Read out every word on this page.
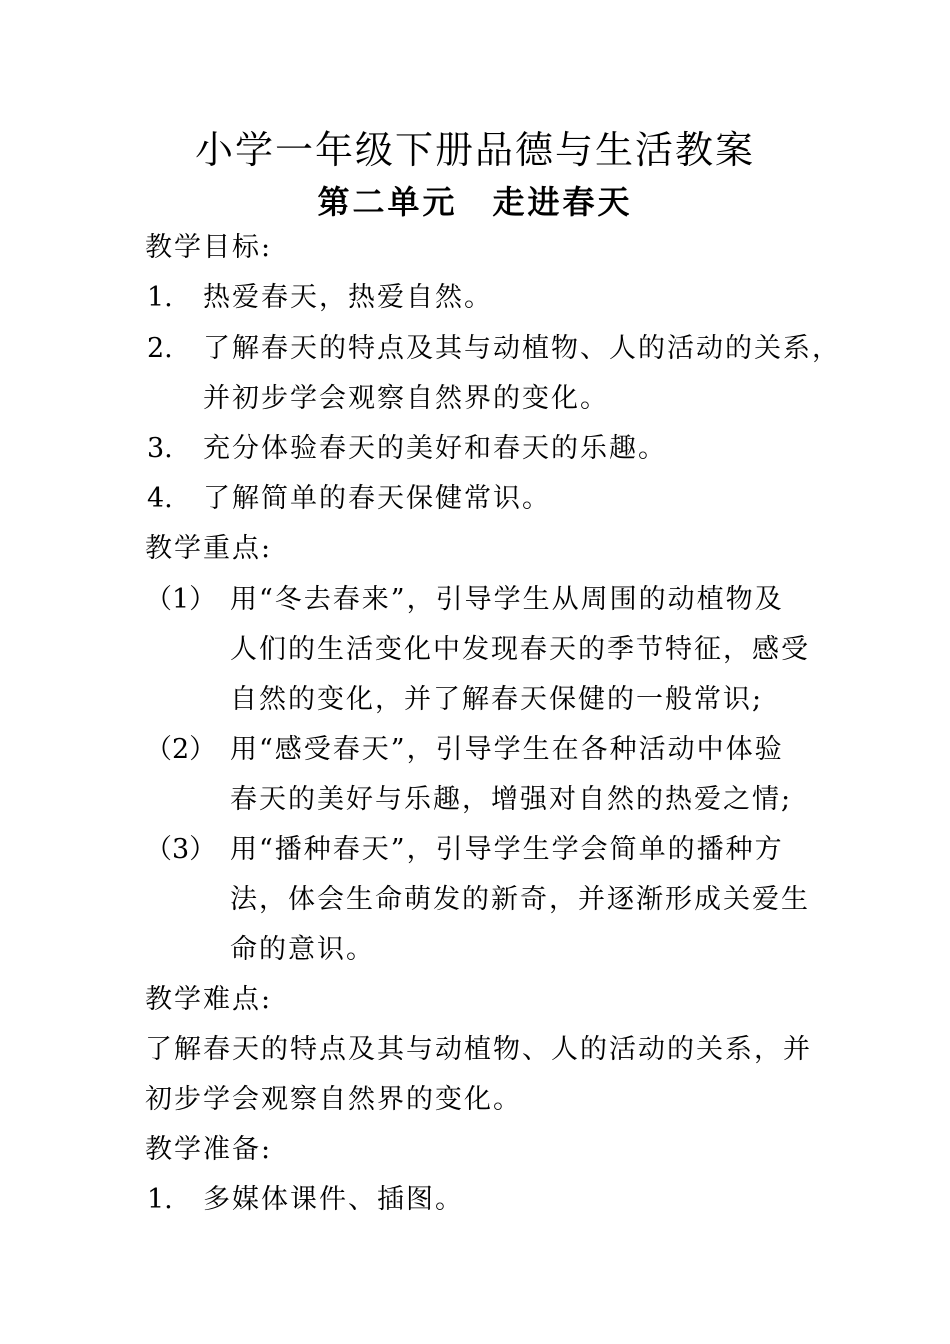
小学一年级下册品德与生活教案
第二单元　走进春天
教学目标:
1. 热爱春天，热爱自然。
2. 了解春天的特点及其与动植物、人的活动的关系，
并初步学会观察自然界的变化。
3. 充分体验春天的美好和春天的乐趣。
4. 了解简单的春天保健常识。
教学重点:
（1） 用“冬去春来”，引导学生从周围的动植物及
人们的生活变化中发现春天的季节特征，感受
自然的变化，并了解春天保健的一般常识;
（2） 用“感受春天”，引导学生在各种活动中体验
春天的美好与乐趣，增强对自然的热爱之情;
（3） 用“播种春天”，引导学生学会简单的播种方
法，体会生命萌发的新奇，并逐渐形成关爱生
命的意识。
教学难点:
了解春天的特点及其与动植物、人的活动的关系，并
初步学会观察自然界的变化。
教学准备:
1. 多媒体课件、插图。
